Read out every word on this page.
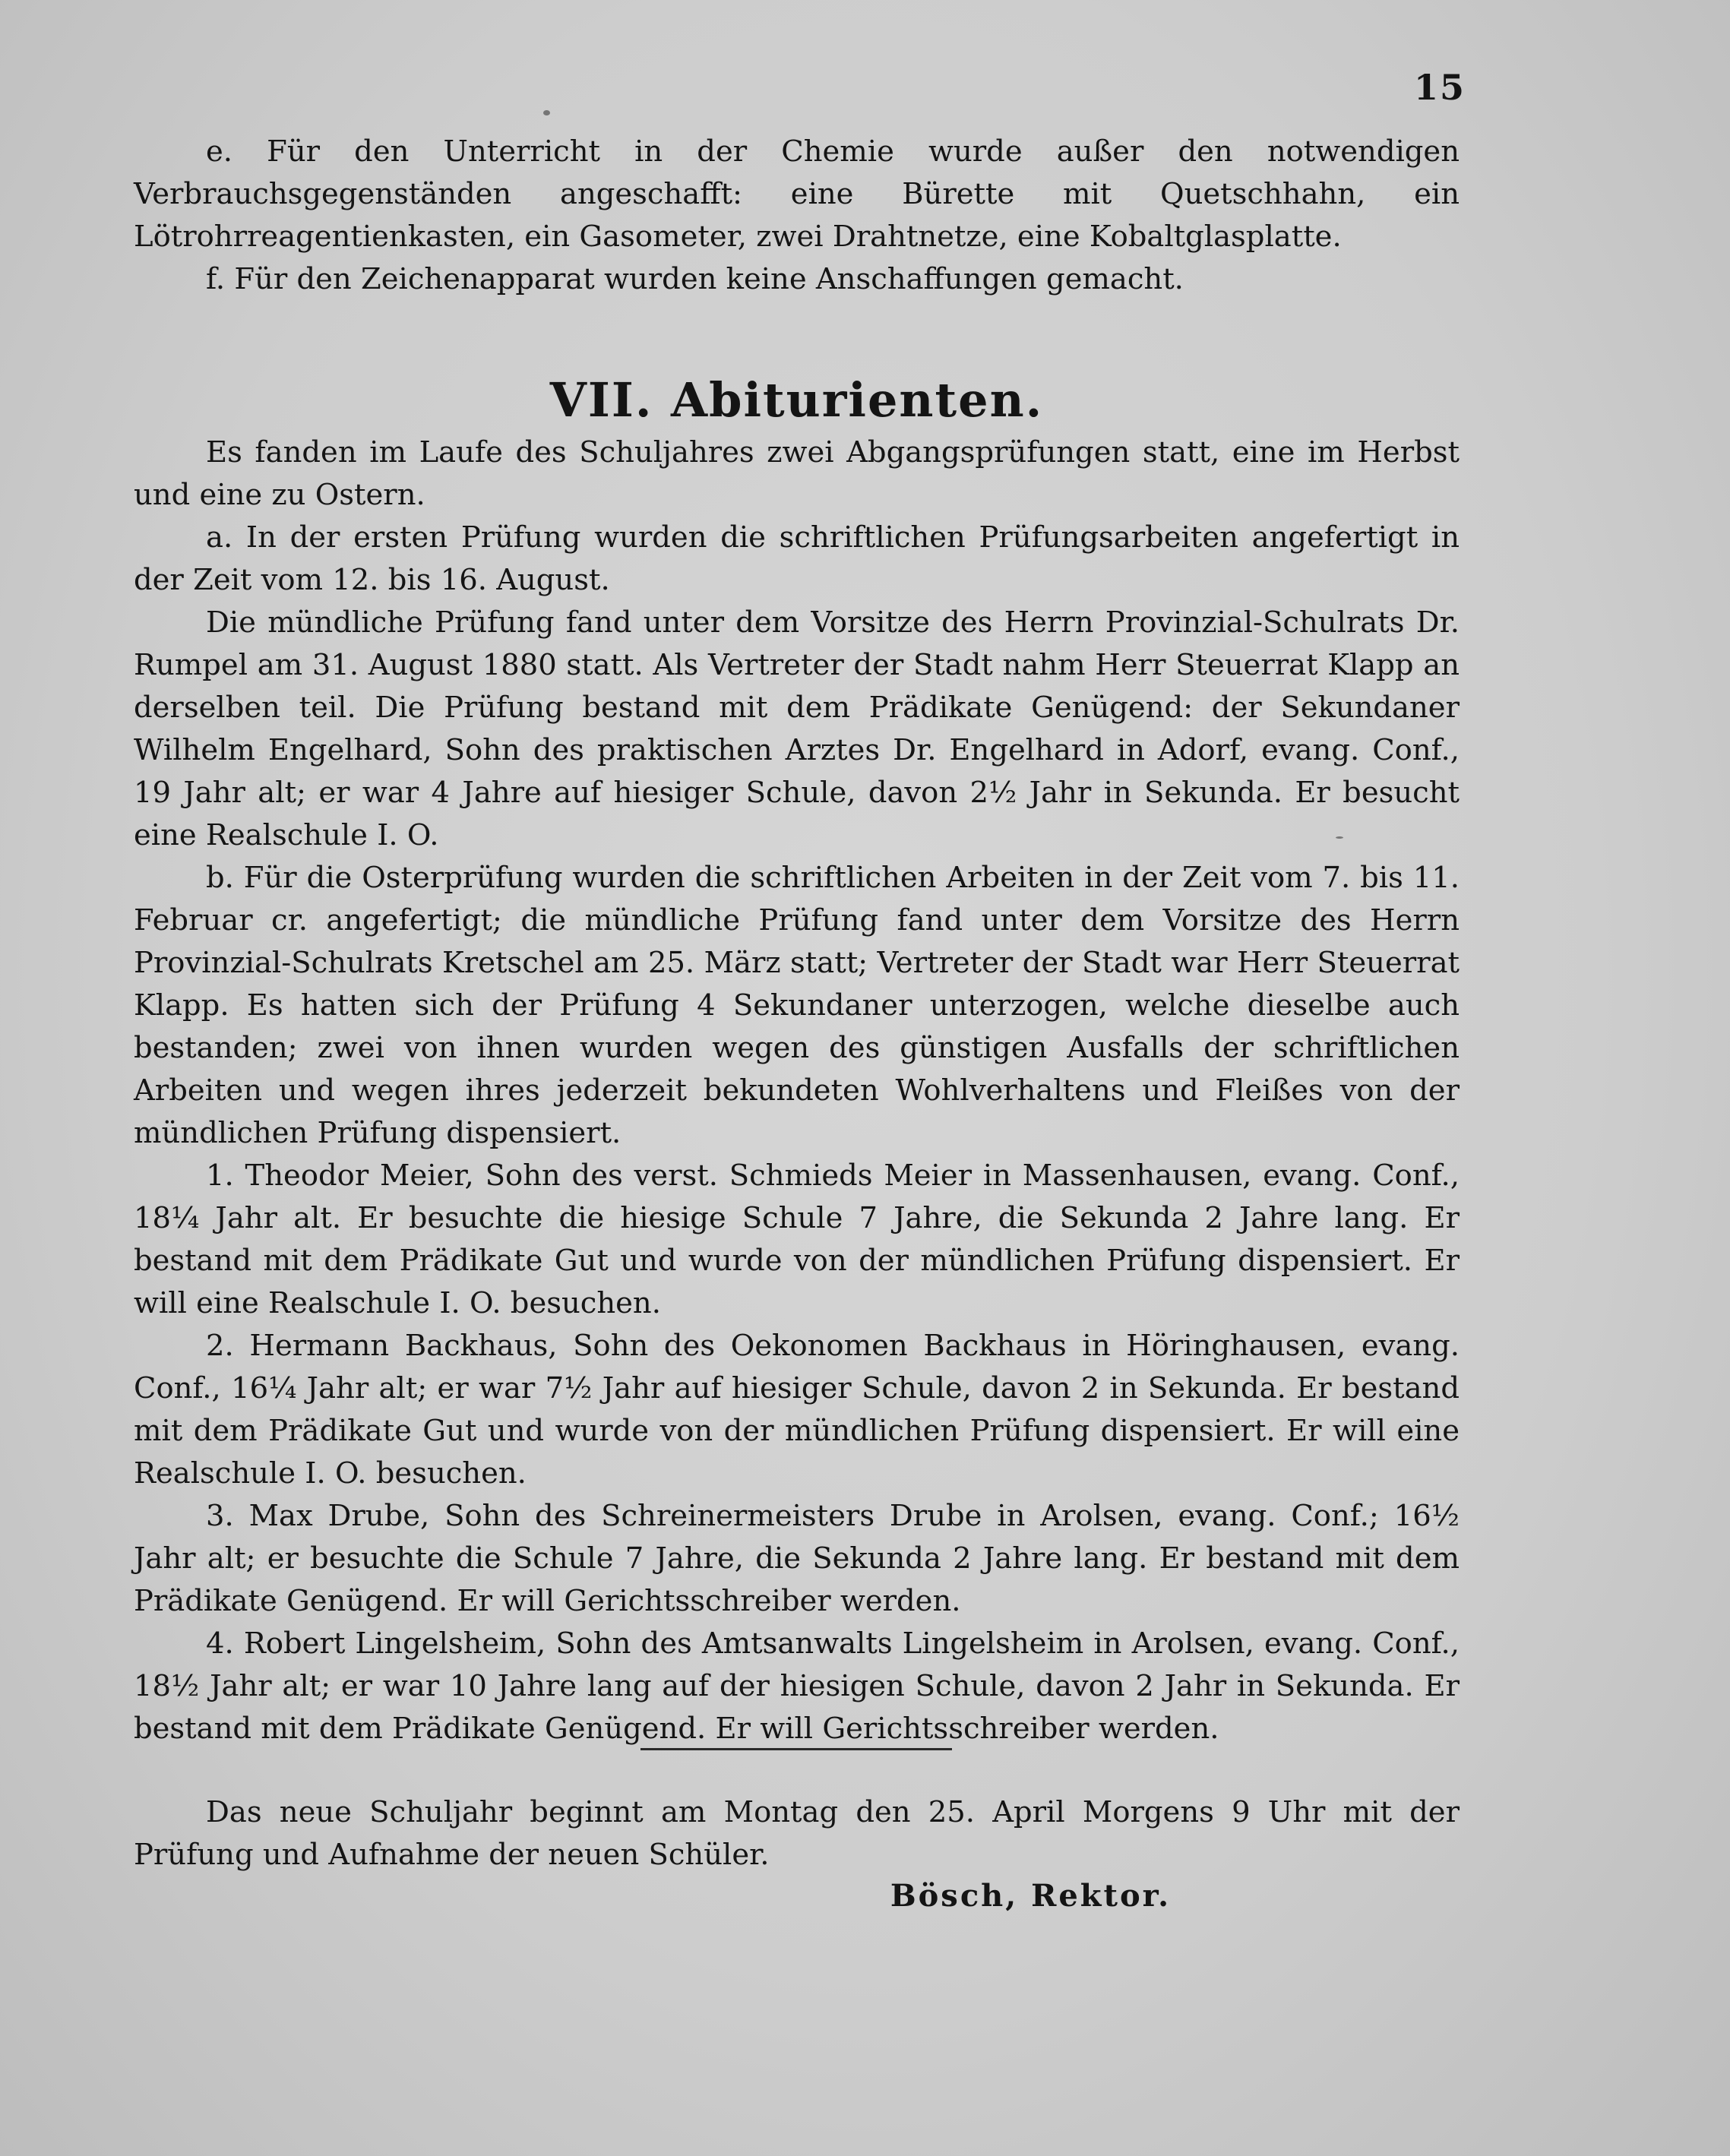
15

e. Für den Unterricht in der Chemie wurde außer den notwendigen Verbrauchsgegenständen angeschafft: eine Bürette mit Quetschhahn, ein Lötrohrreagentienkasten, ein Gasometer, zwei Drahtnetze, eine Kobaltglasplatte.

f. Für den Zeichenapparat wurden keine Anschaffungen gemacht.

VII. Abiturienten.

Es fanden im Laufe des Schuljahres zwei Abgangsprüfungen statt, eine im Herbst und eine zu Ostern.

a. In der ersten Prüfung wurden die schriftlichen Prüfungsarbeiten angefertigt in der Zeit vom 12. bis 16. August.

Die mündliche Prüfung fand unter dem Vorsitze des Herrn Provinzial-Schulrats Dr. Rumpel am 31. August 1880 statt. Als Vertreter der Stadt nahm Herr Steuerrat Klapp an derselben teil. Die Prüfung bestand mit dem Prädikate Genügend: der Sekundaner Wilhelm Engelhard, Sohn des praktischen Arztes Dr. Engelhard in Adorf, evang. Conf., 19 Jahr alt; er war 4 Jahre auf hiesiger Schule, davon 2½ Jahr in Sekunda. Er besucht eine Realschule I. O.

b. Für die Osterprüfung wurden die schriftlichen Arbeiten in der Zeit vom 7. bis 11. Februar cr. angefertigt; die mündliche Prüfung fand unter dem Vorsitze des Herrn Provinzial-Schulrats Kretschel am 25. März statt; Vertreter der Stadt war Herr Steuerrat Klapp. Es hatten sich der Prüfung 4 Sekundaner unterzogen, welche dieselbe auch bestanden; zwei von ihnen wurden wegen des günstigen Ausfalls der schriftlichen Arbeiten und wegen ihres jederzeit bekundeten Wohlverhaltens und Fleißes von der mündlichen Prüfung dispensiert.

1. Theodor Meier, Sohn des verst. Schmieds Meier in Massenhausen, evang. Conf., 18¼ Jahr alt. Er besuchte die hiesige Schule 7 Jahre, die Sekunda 2 Jahre lang. Er bestand mit dem Prädikate Gut und wurde von der mündlichen Prüfung dispensiert. Er will eine Realschule I. O. besuchen.

2. Hermann Backhaus, Sohn des Oekonomen Backhaus in Höringhausen, evang. Conf., 16¼ Jahr alt; er war 7½ Jahr auf hiesiger Schule, davon 2 in Sekunda. Er bestand mit dem Prädikate Gut und wurde von der mündlichen Prüfung dispensiert. Er will eine Realschule I. O. besuchen.

3. Max Drube, Sohn des Schreinermeisters Drube in Arolsen, evang. Conf.; 16½ Jahr alt; er besuchte die Schule 7 Jahre, die Sekunda 2 Jahre lang. Er bestand mit dem Prädikate Genügend. Er will Gerichtsschreiber werden.

4. Robert Lingelsheim, Sohn des Amtsanwalts Lingelsheim in Arolsen, evang. Conf., 18½ Jahr alt; er war 10 Jahre lang auf der hiesigen Schule, davon 2 Jahr in Sekunda. Er bestand mit dem Prädikate Genügend. Er will Gerichtsschreiber werden.

Das neue Schuljahr beginnt am Montag den 25. April Morgens 9 Uhr mit der Prüfung und Aufnahme der neuen Schüler.

Bösch, Rektor.
